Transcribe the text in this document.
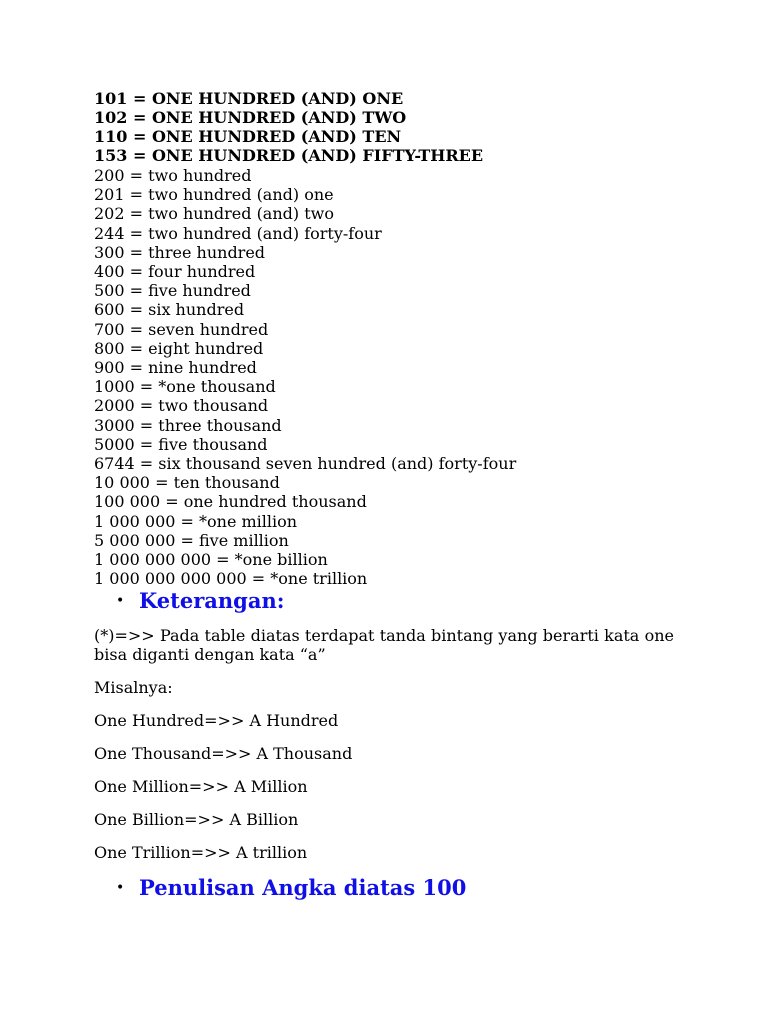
101 = ONE HUNDRED (AND) ONE
102 = ONE HUNDRED (AND) TWO
110 = ONE HUNDRED (AND) TEN
153 = ONE HUNDRED (AND) FIFTY-THREE
200 = two hundred
201 = two hundred (and) one
202 = two hundred (and) two
244 = two hundred (and) forty-four
300 = three hundred
400 = four hundred
500 = five hundred
600 = six hundred
700 = seven hundred
800 = eight hundred
900 = nine hundred
1000 = *one thousand
2000 = two thousand
3000 = three thousand
5000 = five thousand
6744 = six thousand seven hundred (and) forty-four
10 000 = ten thousand
100 000 = one hundred thousand
1 000 000 = *one million
5 000 000 = five million
1 000 000 000 = *one billion
1 000 000 000 000 = *one trillion
• Keterangan:

(*)=>> Pada table diatas terdapat tanda bintang yang berarti kata one bisa diganti dengan kata “a”

Misalnya:

One Hundred=>> A Hundred

One Thousand=>> A Thousand

One Million=>> A Million

One Billion=>> A Billion

One Trillion=>> A trillion

• Penulisan Angka diatas 100
